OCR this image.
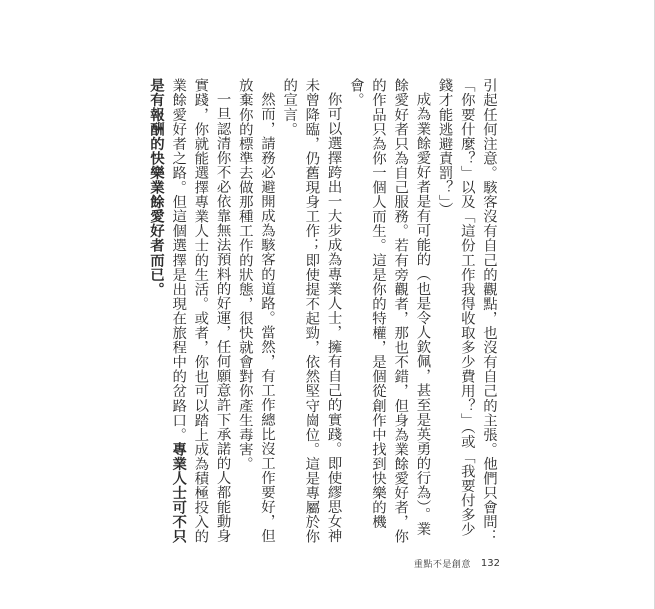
引起任何注意。駭客沒有自己的觀點，也沒有自己的主張。他們只會問：「你要什麼？」以及「這份工作我得收取多少費用？」（或「我要付多少錢才能逃避責罰？」）

成為業餘愛好者是有可能的（也是令人欽佩，甚至是英勇的行為）。業餘愛好者只為自己服務。若有旁觀者，那也不錯，但身為業餘愛好者，你的作品只為你一個人而生。這是你的特權，是個從創作中找到快樂的機會。

你可以選擇跨出一大步成為專業人士，擁有自己的實踐。即使繆思女神未曾降臨，仍舊現身工作；即使提不起勁，依然堅守崗位。這是專屬於你的宣言。

然而，請務必避開成為駭客的道路。當然，有工作總比沒工作要好，但放棄你的標準去做那種工作的狀態，很快就會對你產生毒害。

一旦認清你不必依靠無法預料的好運，任何願意許下承諾的人都能動身實踐，你就能選擇專業人士的生活。或者，你也可以踏上成為積極投入的業餘愛好者之路。但這個選擇是出現在旅程中的岔路口。專業人士可不只是有報酬的快樂業餘愛好者而已。

重點不是創意 132
